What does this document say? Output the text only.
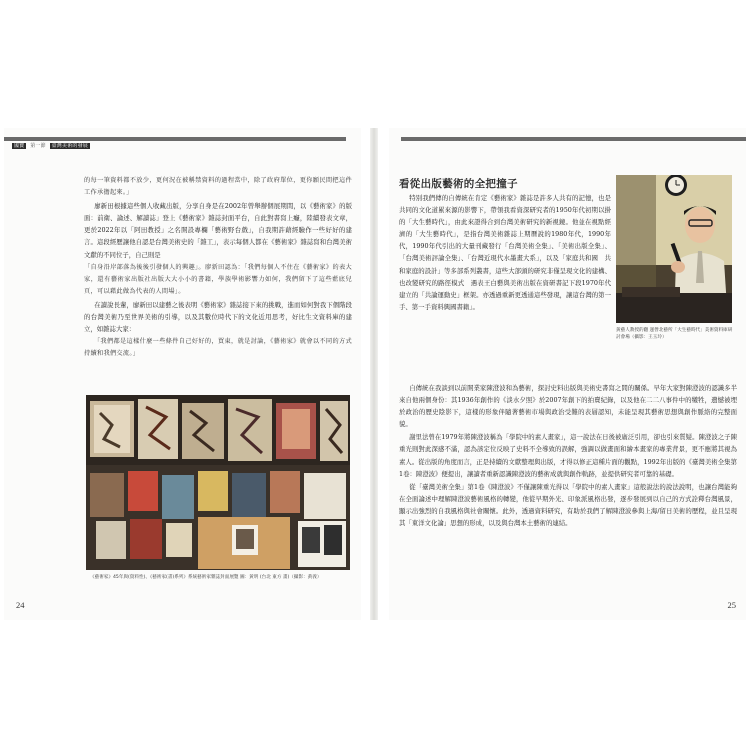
國寶 第一節 臺灣美術的發展

的每一筆資料都不放少，更何況在被稱禁資料的過程當中，除了政府單位，更你願民間把這件工作承擔起來。」

廖新田根據這些個人收藏出版，分享自身是在2002年曾舉辦個展期間，以《藝術家》的版面：前衛、論述、解讀誌」登上《藝術家》雜誌封面平台，自此對書寫上癮，陸續發表文章，更於2022年以「阿田教授」之名開設專欄「藝術野台戲」，自我期許藉經驗作一些好好的建言。這段經歷讓他自認是台灣美術史的「雜工」，表示每個人都在《藝術家》雜誌寫和台灣美術文獻的不同位子，自己則是

「自身沿岸部落為後後引發個人的興趣」。廖新田認為：「我們每個人不住在《藝術家》的表大家，還有藝術家出版社出版大大小小的書籍，學族學術影響力如何，我們留下了這些藍底兒頁，可以藉此做為代表的人間場」。

在讀說長輩，廖新田以建藝之後表明《藝術家》雜誌接下來的挑戰，進而如何對我下個階段的台灣美術乃至世界美術的引導，以及其數位時代下的文化近用思考，好比生文資料庫的建立，如雜誌大家：

「我們都是這樣什麼一些條件自己好好的，買東，就是討論，《藝術家》就會以不同的方式持續和我們交流。」

《藝術家》45年與(資料性)、《藝術家(書)系列》系統藝術家雜誌封面展覽 圖：黃明 (台北 東方 畫)（攝影：黃義）
24
看從出版藝術的全把撞子

特別我們傳的自傳統在肯定《藝術家》雜誌是許多人共有的記憶，也是共同的文化道累來源的影響下，帶領我看資深研究者的1950年代初期以掛的「大生藝時代」，由此來證得合到台灣美術研究的新視鏡。他並在視點經濟的「大生藝時代」，是指台灣美術雜誌上期曆說的1980年代，1990年代，1990年代引出的大量刊藏發行「台灣美術全集」、「美術出版全集」、「台灣美術評論全集」、「台灣近現代水墨畫大系」，以及「家庭共和國　共和家庭的設計」等多部系列叢書，這些大部頭的研究非僅呈現文化的建構、也改變研究的路徑模式　遇表王白藝與美術出版在資研書記下段1970年代建立的「共論運動史」框架。亦透過重新更透通這些發現，讓這台灣的第一手、第一手資料興國書籍」。

黃藝人教授的翻 運營北藝所「大生藝時代」美術資料庫研討會場（攝影：王玉玲）

自傳統在我談到以前開業家陳澄波和為藝術，探討史料出版與美術史書寫之間的關係。早年大家對陳澄波的認識多半來自他兩個身份：其1936年創作的《淡水夕照》於2007年創下的拍賣紀錄，以及他在二二八事件中的犧牲，遺憾被埋於政治的歷史陰影下，這樣的形象伴隨著藝術市場與政治受難的表層認知，未能呈現其藝術思想與創作脈絡的完整面貌。

謝里法曾在1979年將陳澄波稱為「學院中的素人畫家」，這一說法在日後被廣泛引用，卻也引來質疑。陳澄波之子陳重光則對此深感不滿，認為該定位反映了史料不全導致的誤解，強調以做畫面和繪本畫家的專業背景，更不應將其視為素人。從出版的角度而言，正是持續的文獻整理與出版，才得以修正這種片面的觀點，1992年出版的《臺灣美術全集第1卷：陳澄波》便提出，讓讀者重新認識陳澄波的藝術成就與創作軌跡，並提供研究者可靠的基礎。

從「臺灣美術全集」第1卷《陳澄波》不僅讓陳重光得以「學院中的素人畫家」這般說法的說法說明，也讓台灣能夠在全面論述中理解陳澄波藝術風格的轉變，他從早期外光、印象派風格出發，逐步發展到以自己的方式詮釋台灣風景，顯示出強烈的自我風格與社會關懷。此外，透過資料研究，有助於我們了解陳澄波參與上海/留日美術的歷程，並且呈現其「東洋文化論」思想的形成，以及與台灣本土藝術的連結。

25
